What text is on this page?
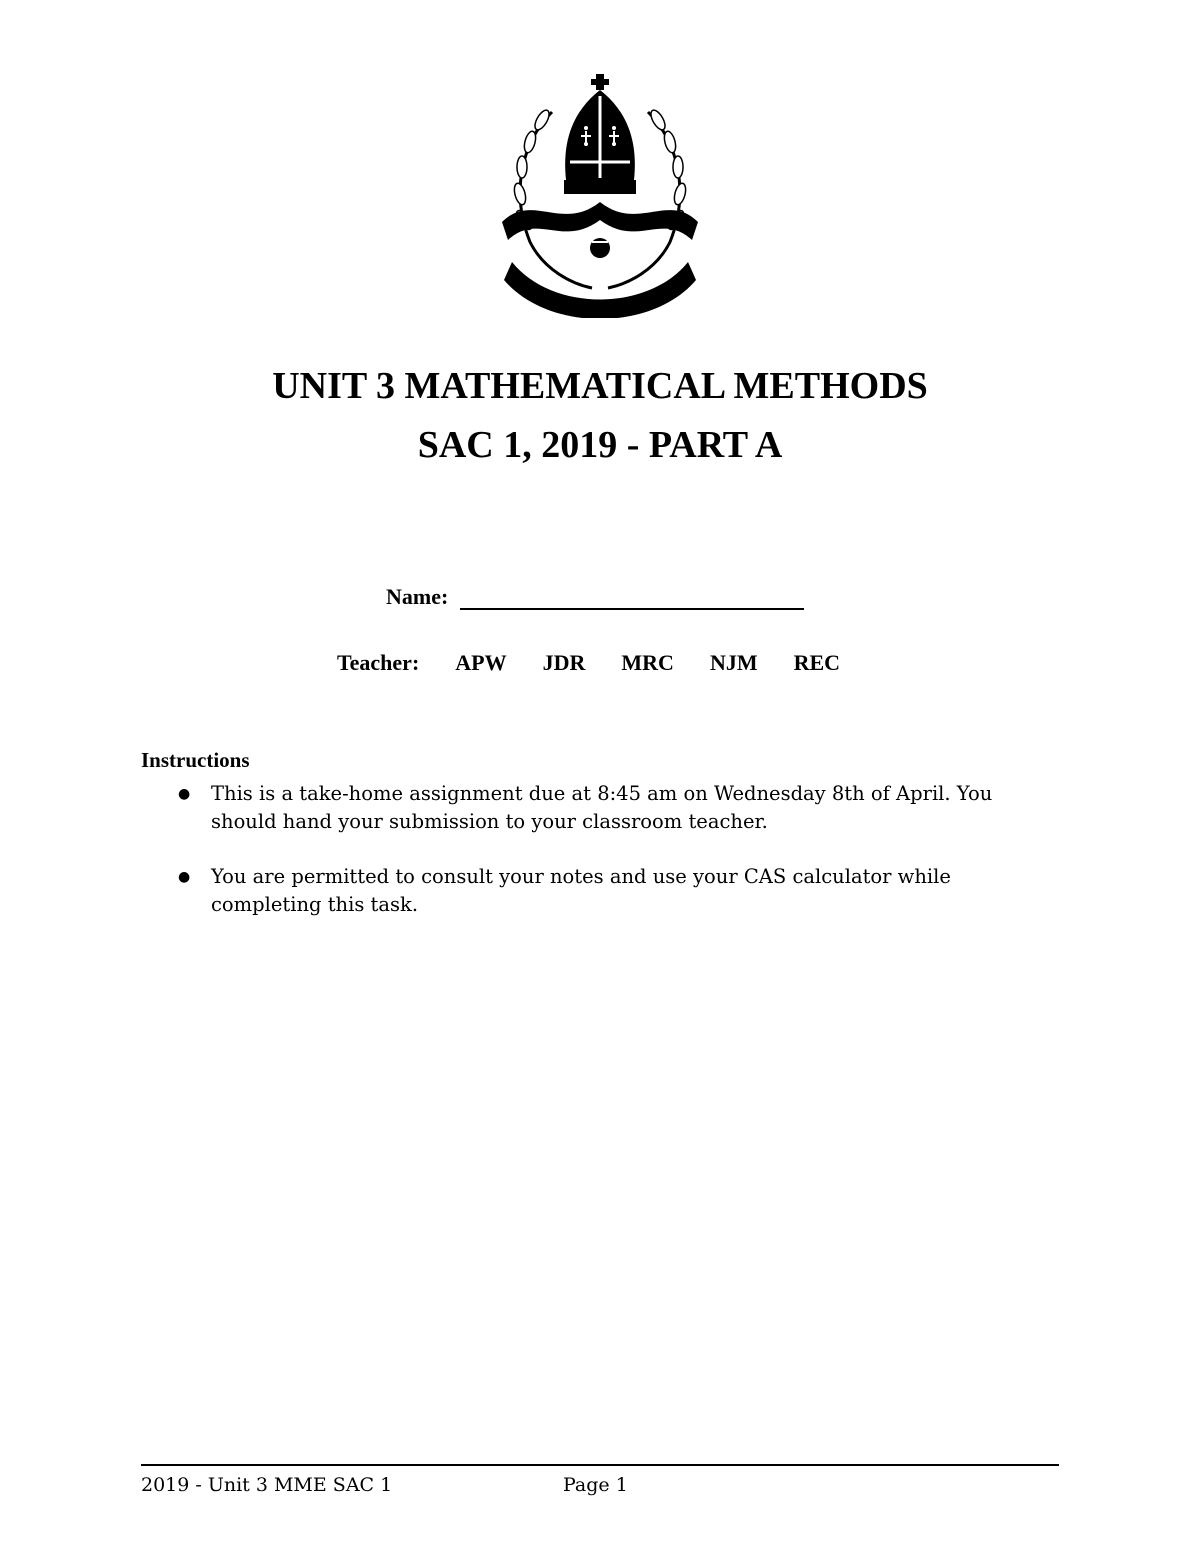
UNIT 3 MATHEMATICAL METHODS
SAC 1, 2019 - PART A
Name:
Teacher: APW JDR MRC NJM REC
Instructions
●	This is a take-home assignment due at 8:45 am on Wednesday 8th of April. You should hand your submission to your classroom teacher.
●	You are permitted to consult your notes and use your CAS calculator while completing this task.
2019 - Unit 3 MME SAC 1	Page 1
